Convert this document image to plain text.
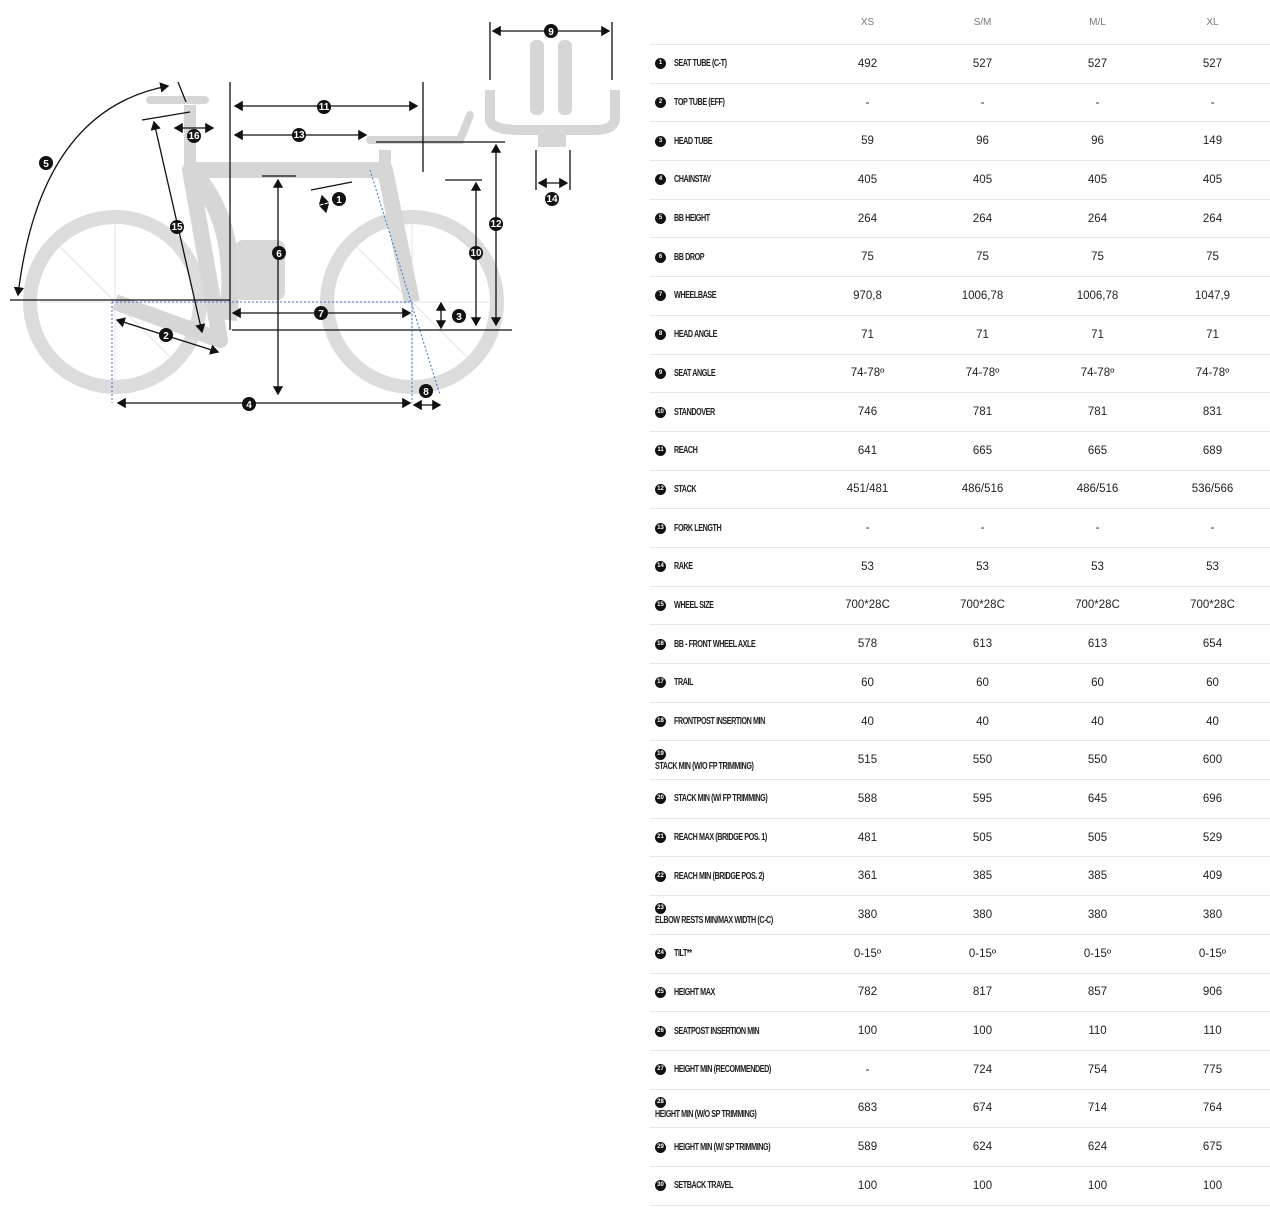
1
2
3
4
5
6
7
8
9
10
11
12
13
14
15
16
	XS	S/M	M/L	XL
1 SEAT TUBE (C-T)	492	527	527	527
2 TOP TUBE (EFF)	-	-	-	-
3 HEAD TUBE	59	96	96	149
4 CHAINSTAY	405	405	405	405
5 BB HEIGHT	264	264	264	264
6 BB DROP	75	75	75	75
7 WHEELBASE	970,8	1006,78	1006,78	1047,9
8 HEAD ANGLE	71	71	71	71
9 SEAT ANGLE	74-78º	74-78º	74-78º	74-78º
10 STANDOVER	746	781	781	831
11 REACH	641	665	665	689
12 STACK	451/481	486/516	486/516	536/566
13 FORK LENGTH	-	-	-	-
14 RAKE	53	53	53	53
15 WHEEL SIZE	700*28C	700*28C	700*28C	700*28C
16 BB - FRONT WHEEL AXLE	578	613	613	654
17 TRAIL	60	60	60	60
18 FRONTPOST INSERTION MIN	40	40	40	40
19STACK MIN (W/O FP TRIMMING)	515	550	550	600
20 STACK MIN (W/ FP TRIMMING)	588	595	645	696
21 REACH MAX (BRIDGE POS. 1)	481	505	505	529
22 REACH MIN (BRIDGE POS. 2)	361	385	385	409
23ELBOW RESTS MIN/MAX WIDTH (C-C)	380	380	380	380
24 TILT**	0-15º	0-15º	0-15º	0-15º
25 HEIGHT MAX	782	817	857	906
26 SEATPOST INSERTION MIN	100	100	110	110
27 HEIGHT MIN (RECOMMENDED)	-	724	754	775
28HEIGHT MIN (W/O SP TRIMMING)	683	674	714	764
29 HEIGHT MIN (W/ SP TRIMMING)	589	624	624	675
30 SETBACK TRAVEL	100	100	100	100
